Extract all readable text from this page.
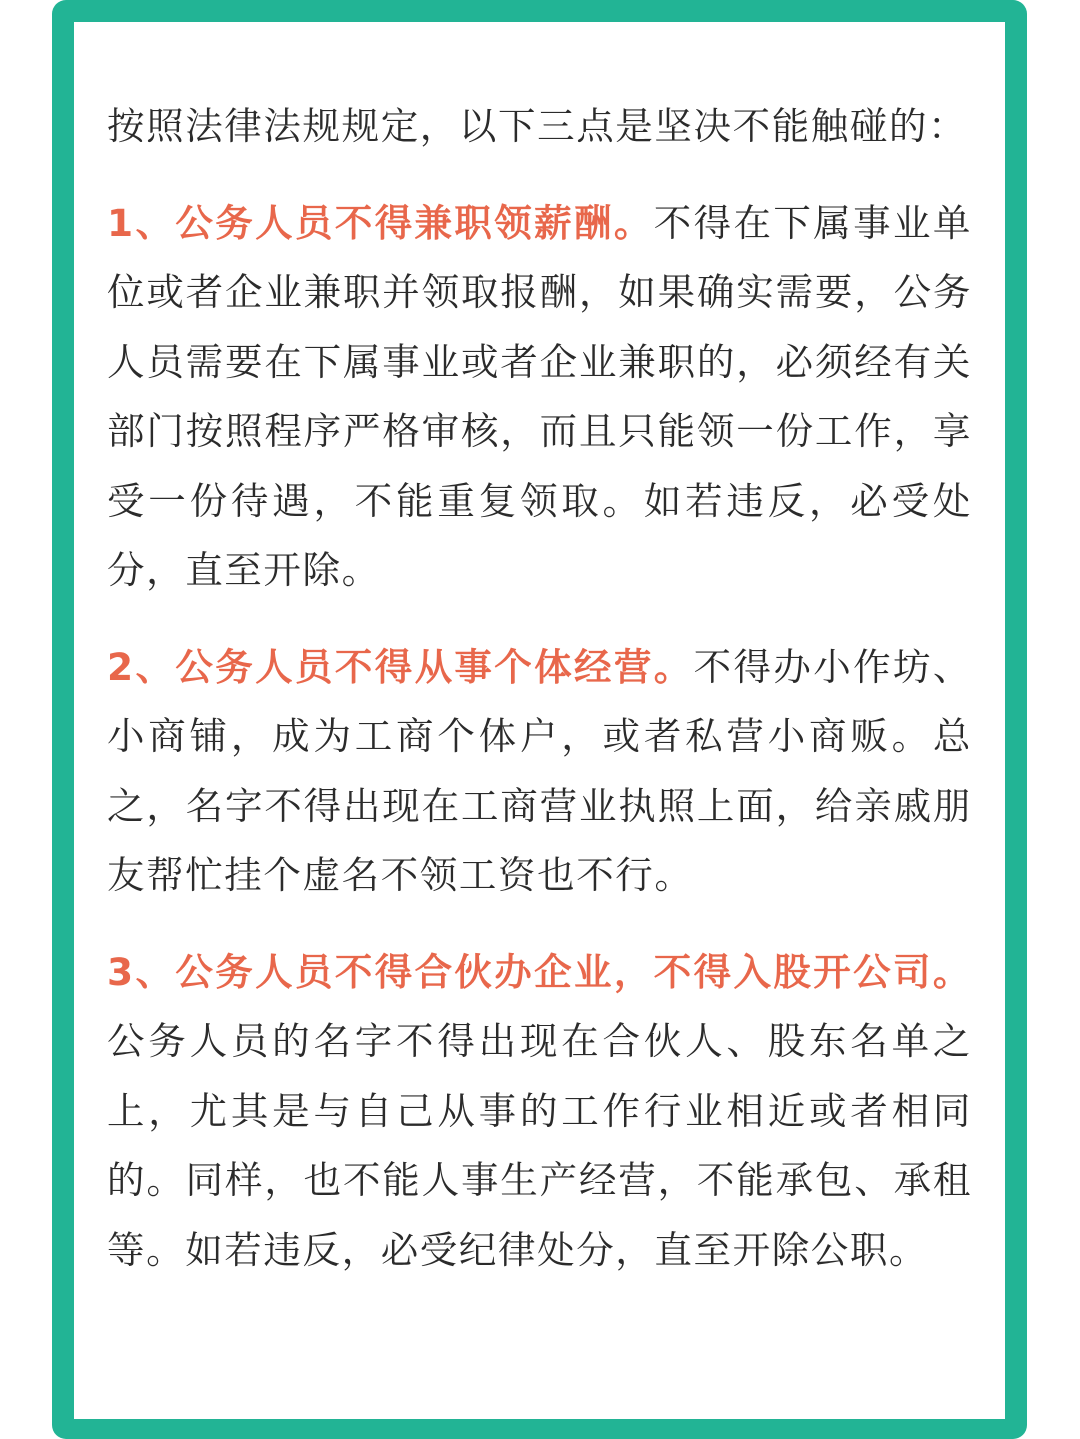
按照法律法规规定，以下三点是坚决不能触碰的：

1、公务人员不得兼职领薪酬。不得在下属事业单位或者企业兼职并领取报酬，如果确实需要，公务人员需要在下属事业或者企业兼职的，必须经有关部门按照程序严格审核，而且只能领一份工作，享受一份待遇，不能重复领取。如若违反，必受处分，直至开除。

2、公务人员不得从事个体经营。不得办小作坊、小商铺，成为工商个体户，或者私营小商贩。总之，名字不得出现在工商营业执照上面，给亲戚朋友帮忙挂个虚名不领工资也不行。

3、公务人员不得合伙办企业，不得入股开公司。公务人员的名字不得出现在合伙人、股东名单之上，尤其是与自己从事的工作行业相近或者相同的。同样，也不能人事生产经营，不能承包、承租等。如若违反，必受纪律处分，直至开除公职。
